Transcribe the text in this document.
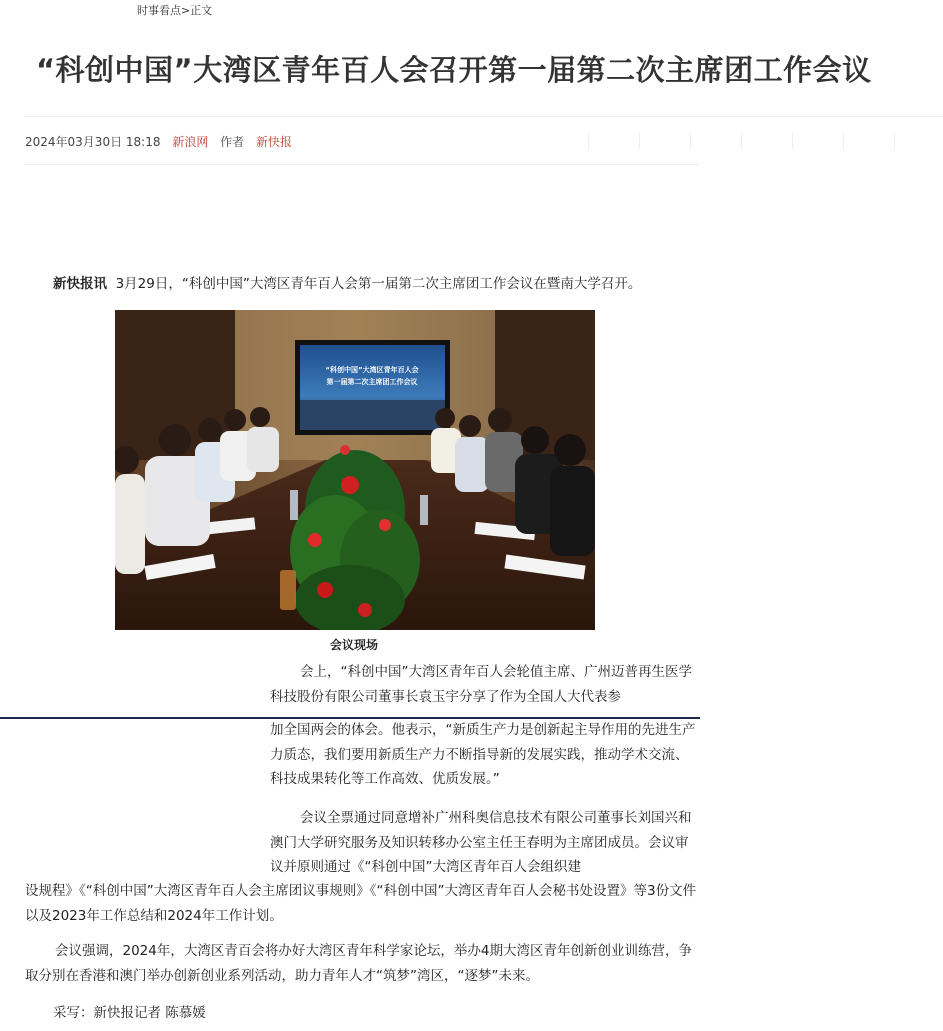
时事看点>正文
“科创中国”大湾区青年百人会召开第一届第二次主席团工作会议
2024年03月30日 18:18 新浪网 作者 新快报

新快报讯 3月29日，“科创中国”大湾区青年百人会第一届第二次主席团工作会议在暨南大学召开。

“科创中国”大湾区青年百人会
第一届第二次主席团工作会议
会议现场

会上，“科创中国”大湾区青年百人会轮值主席、广州迈普再生医学科技股份有限公司董事长袁玉宇分享了作为全国人大代表参

加全国两会的体会。他表示，“新质生产力是创新起主导作用的先进生产力质态，我们要用新质生产力不断指导新的发展实践，推动学术交流、科技成果转化等工作高效、优质发展。”

会议全票通过同意增补广州科奥信息技术有限公司董事长刘国兴和澳门大学研究服务及知识转移办公室主任王春明为主席团成员。会议审议并原则通过《“科创中国”大湾区青年百人会组织建

设规程》《“科创中国”大湾区青年百人会主席团议事规则》《“科创中国”大湾区青年百人会秘书处设置》等3份文件以及2023年工作总结和2024年工作计划。

会议强调，2024年，大湾区青百会将办好大湾区青年科学家论坛，举办4期大湾区青年创新创业训练营，争取分别在香港和澳门举办创新创业系列活动，助力青年人才“筑梦”湾区，“逐梦”未来。

采写：新快报记者 陈慕媛
